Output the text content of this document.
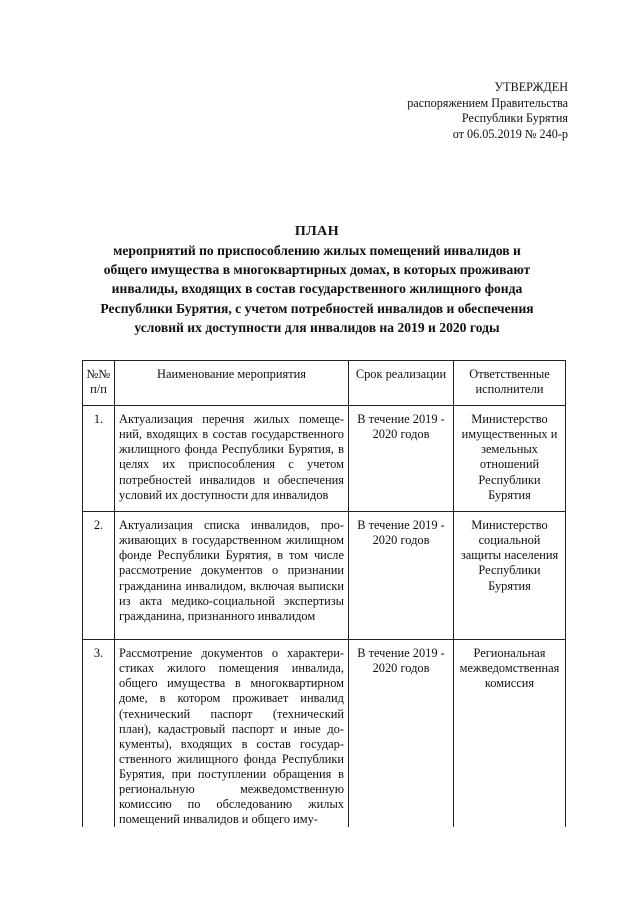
УТВЕРЖДЕН
распоряжением Правительства
Республики Бурятия
от 06.05.2019 № 240-р
ПЛАН
мероприятий по приспособлению жилых помещений инвалидов и
общего имущества в многоквартирных домах, в которых проживают
инвалиды, входящих в состав государственного жилищного фонда
Республики Бурятия, с учетом потребностей инвалидов и обеспечения
условий их доступности для инвалидов на 2019 и 2020 годы
№№ п/п	Наименование мероприятия	Срок реализации	Ответственные исполнители
1.	Актуализация перечня жилых помещений, входящих в состав государственного жилищного фонда Республики Бурятия, в целях их приспособления с учетом потребностей инвалидов и обеспечения условий их доступности для инвалидов	В течение 2019 - 2020 годов	Министерство имущественных и земельных отношений Республики Бурятия
2.	Актуализация списка инвалидов, проживающих в государственном жилищном фонде Республики Бурятия, в том числе рассмотрение документов о признании гражданина инвалидом, включая выписки из акта медико-социальной экспертизы гражданина, признанного инвалидом	В течение 2019 - 2020 годов	Министерство социальной защиты населения Республики Бурятия
3.	Рассмотрение документов о характеристиках жилого помещения инвалида, общего имущества в многоквартирном доме, в котором проживает инвалид (технический паспорт (технический план), кадастровый паспорт и иные документы), входящих в состав государственного жилищного фонда Республики Бурятия, при поступлении обращения в региональную межведомственную комиссию по обследованию жилых помещений инвалидов и общего иму-	В течение 2019 - 2020 годов	Региональная межведомственная комиссия
